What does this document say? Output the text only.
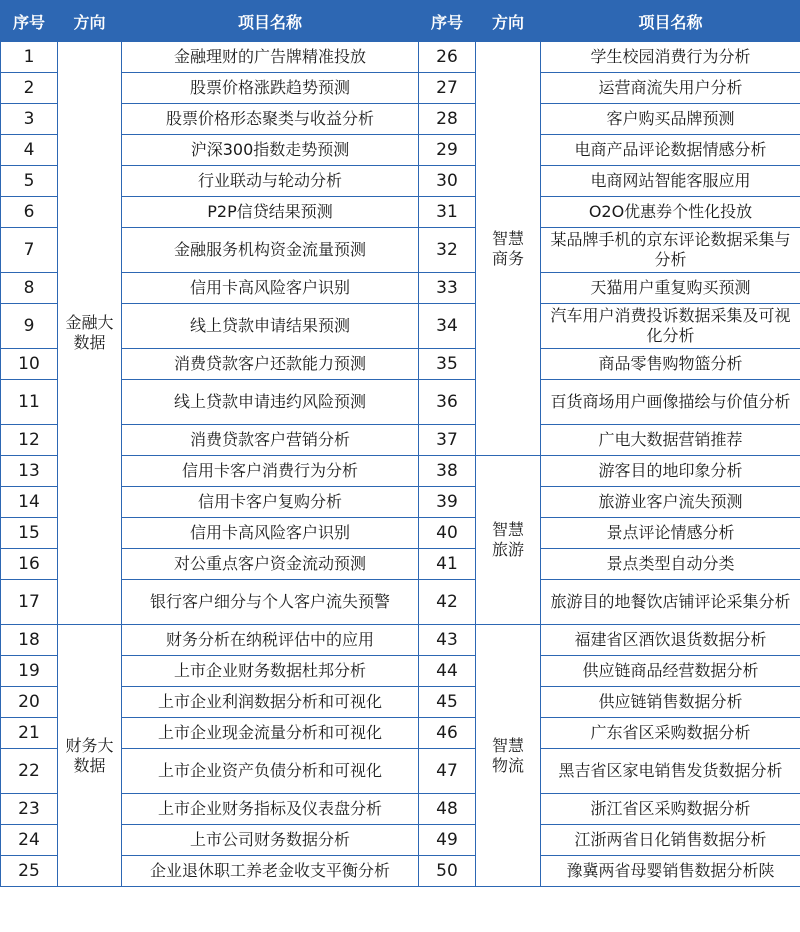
序号	方向	项目名称	序号	方向	项目名称
1	金融大数据	金融理财的广告牌精准投放	26	智慧商务	学生校园消费行为分析
2		股票价格涨跌趋势预测	27		运营商流失用户分析
3		股票价格形态聚类与收益分析	28		客户购买品牌预测
4		沪深300指数走势预测	29		电商产品评论数据情感分析
5		行业联动与轮动分析	30		电商网站智能客服应用
6		P2P信贷结果预测	31		O2O优惠券个性化投放
7		金融服务机构资金流量预测	32		某品牌手机的京东评论数据采集与分析
8		信用卡高风险客户识别	33		天猫用户重复购买预测
9		线上贷款申请结果预测	34		汽车用户消费投诉数据采集及可视化分析
10		消费贷款客户还款能力预测	35		商品零售购物篮分析
11		线上贷款申请违约风险预测	36		百货商场用户画像描绘与价值分析
12		消费贷款客户营销分析	37		广电大数据营销推荐
13		信用卡客户消费行为分析	38	智慧旅游	游客目的地印象分析
14		信用卡客户复购分析	39		旅游业客户流失预测
15		信用卡高风险客户识别	40		景点评论情感分析
16		对公重点客户资金流动预测	41		景点类型自动分类
17		银行客户细分与个人客户流失预警	42		旅游目的地餐饮店铺评论采集分析
18	财务大数据	财务分析在纳税评估中的应用	43	智慧物流	福建省区酒饮退货数据分析
19		上市企业财务数据杜邦分析	44		供应链商品经营数据分析
20		上市企业利润数据分析和可视化	45		供应链销售数据分析
21		上市企业现金流量分析和可视化	46		广东省区采购数据分析
22		上市企业资产负债分析和可视化	47		黑吉省区家电销售发货数据分析
23		上市企业财务指标及仪表盘分析	48		浙江省区采购数据分析
24		上市公司财务数据分析	49		江浙两省日化销售数据分析
25		企业退休职工养老金收支平衡分析	50		豫冀两省母婴销售数据分析陕
